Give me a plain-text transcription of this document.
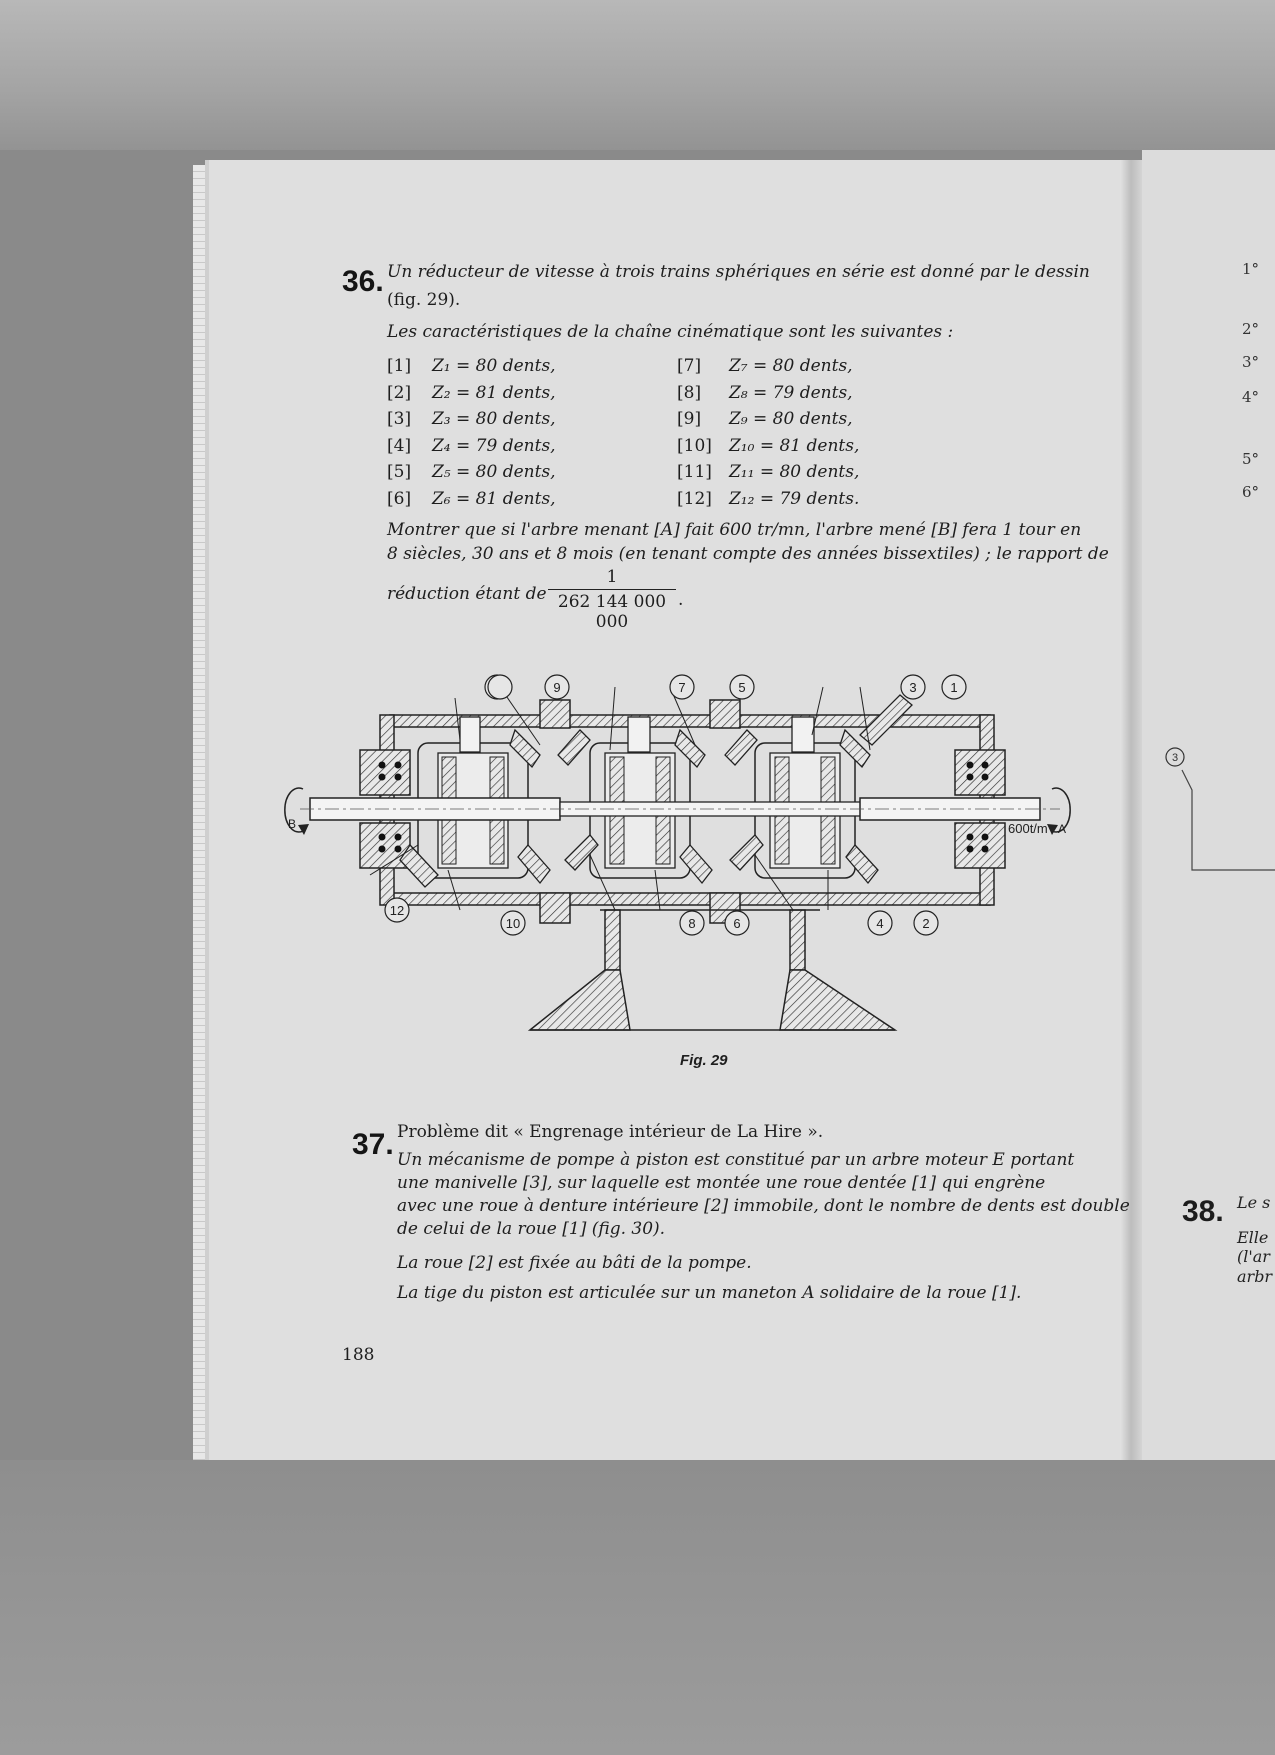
1°
2°
3°
4°
5°
6°
3
38. Le s
Elle
(l'ar
arbr
36. Un réducteur de vitesse à trois trains sphériques en série est donné par le dessin
(fig. 29).
Les caractéristiques de la chaîne cinématique sont les suivantes :
[1] Z₁ = 80 dents,
[2] Z₂ = 81 dents,
[3] Z₃ = 80 dents,
[4] Z₄ = 79 dents,
[5] Z₅ = 80 dents,
[6] Z₆ = 81 dents,
[7] Z₇ = 80 dents,
[8] Z₈ = 79 dents,
[9] Z₉ = 80 dents,
[10] Z₁₀ = 81 dents,
[11] Z₁₁ = 80 dents,
[12] Z₁₂ = 79 dents.
Montrer que si l'arbre menant [A] fait 600 tr/mn, l'arbre mené [B] fera 1 tour en
8 siècles, 30 ans et 8 mois (en tenant compte des années bissextiles) ; le rapport de
réduction étant de
1
262 144 000 000
.
B	600t/m A
9	7	5	3	1
12
10	8	6	4	2
Fig. 29
37. Problème dit « Engrenage intérieur de La Hire ».
Un mécanisme de pompe à piston est constitué par un arbre moteur E portant
une manivelle [3], sur laquelle est montée une roue dentée [1] qui engrène
avec une roue à denture intérieure [2] immobile, dont le nombre de dents est double
de celui de la roue [1] (fig. 30).
La roue [2] est fixée au bâti de la pompe.
La tige du piston est articulée sur un maneton A solidaire de la roue [1].
188
